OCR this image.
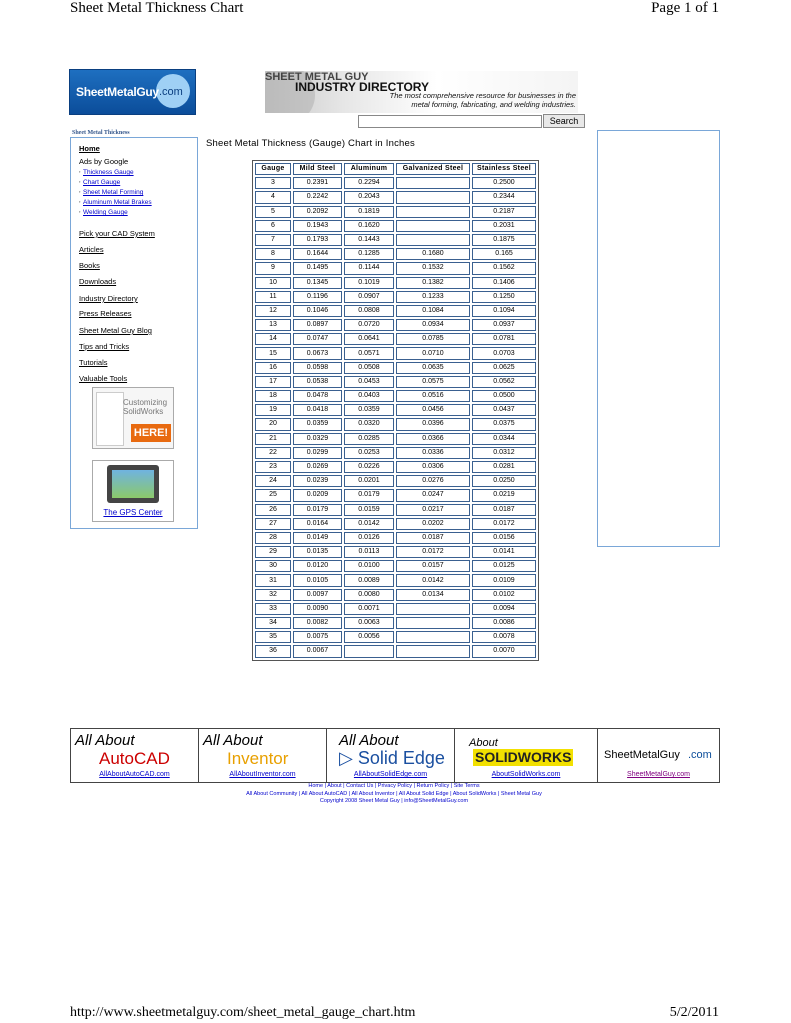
Sheet Metal Thickness Chart	Page 1 of 1
http://www.sheetmetalguy.com/sheet_metal_gauge_chart.htm	5/2/2011
SheetMetalGuy .com
SHEET METAL GUY
INDUSTRY DIRECTORY
The most comprehensive resource for businesses in the
metal forming, fabricating, and welding industries.
Search
Sheet Metal Thickness
Home
Ads by Google
, Thickness Gauge
, Chart Gauge
, Sheet Metal Forming
, Aluminum Metal Brakes
, Welding Gauge
Pick your CAD System
Articles
Books
Downloads
Industry Directory
Press Releases
Sheet Metal Guy Blog
Tips and Tricks
Tutorials
Valuable Tools
Customizing
SolidWorks
HERE!
The GPS Center
Sheet Metal Thickness (Gauge) Chart in Inches
Gauge	Mild Steel	Aluminum	Galvanized Steel	Stainless Steel
3	0.2391	0.2294		0.2500
4	0.2242	0.2043		0.2344
5	0.2092	0.1819		0.2187
6	0.1943	0.1620		0.2031
7	0.1793	0.1443		0.1875
8	0.1644	0.1285	0.1680	0.165
9	0.1495	0.1144	0.1532	0.1562
10	0.1345	0.1019	0.1382	0.1406
11	0.1196	0.0907	0.1233	0.1250
12	0.1046	0.0808	0.1084	0.1094
13	0.0897	0.0720	0.0934	0.0937
14	0.0747	0.0641	0.0785	0.0781
15	0.0673	0.0571	0.0710	0.0703
16	0.0598	0.0508	0.0635	0.0625
17	0.0538	0.0453	0.0575	0.0562
18	0.0478	0.0403	0.0516	0.0500
19	0.0418	0.0359	0.0456	0.0437
20	0.0359	0.0320	0.0396	0.0375
21	0.0329	0.0285	0.0366	0.0344
22	0.0299	0.0253	0.0336	0.0312
23	0.0269	0.0226	0.0306	0.0281
24	0.0239	0.0201	0.0276	0.0250
25	0.0209	0.0179	0.0247	0.0219
26	0.0179	0.0159	0.0217	0.0187
27	0.0164	0.0142	0.0202	0.0172
28	0.0149	0.0126	0.0187	0.0156
29	0.0135	0.0113	0.0172	0.0141
30	0.0120	0.0100	0.0157	0.0125
31	0.0105	0.0089	0.0142	0.0109
32	0.0097	0.0080	0.0134	0.0102
33	0.0090	0.0071		0.0094
34	0.0082	0.0063		0.0086
35	0.0075	0.0056		0.0078
36	0.0067			0.0070
All About
AutoCAD
AllAboutAutoCAD.com
All About
Inventor
AllAboutInventor.com
All About
▷ Solid Edge
AllAboutSolidEdge.com
About
SOLIDWORKS
AboutSolidWorks.com
SheetMetalGuy .com
SheetMetalGuy.com
Home | About | Contact Us | Privacy Policy | Return Policy | Site Terms
All About Community | All About AutoCAD | All About Inventor | All About Solid Edge | About SolidWorks | Sheet Metal Guy
Copyright 2008 Sheet Metal Guy | info@SheetMetalGuy.com
